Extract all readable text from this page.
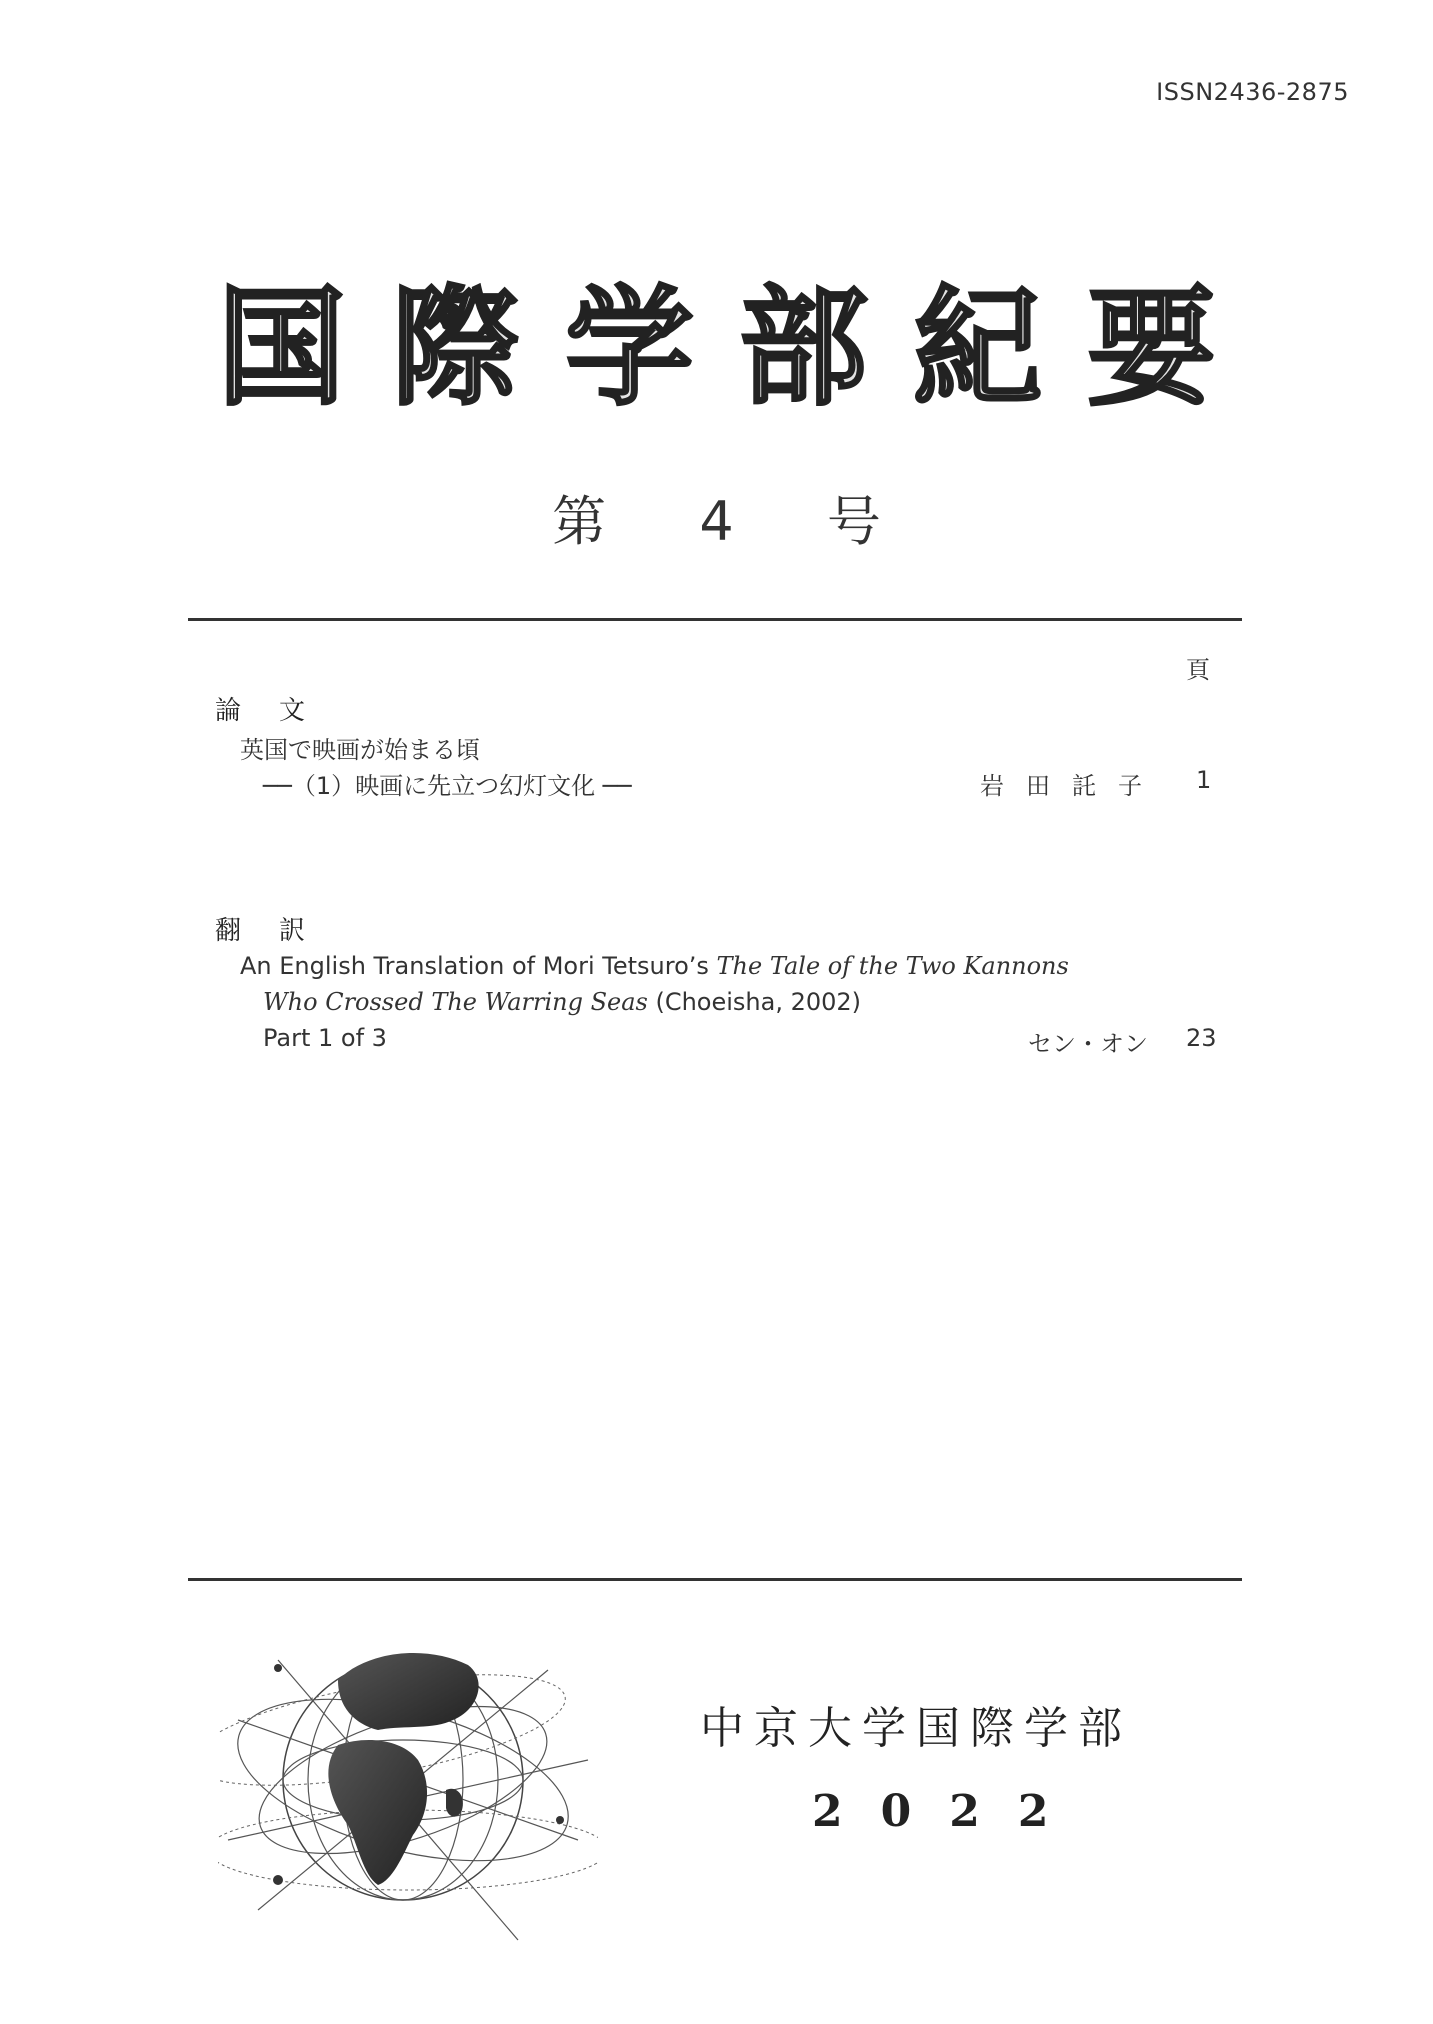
ISSN2436-2875
国際学部紀要
第 4 号
頁
論文
英国で映画が始まる頃
──（1）映画に先立つ幻灯文化 ──	岩田託子 1
翻訳
An English Translation of Mori Tetsuro’s The Tale of the Two Kannons
Who Crossed The Warring Seas (Choeisha, 2002)
Part 1 of 3	セン・オン 23
中京大学国際学部
2022
